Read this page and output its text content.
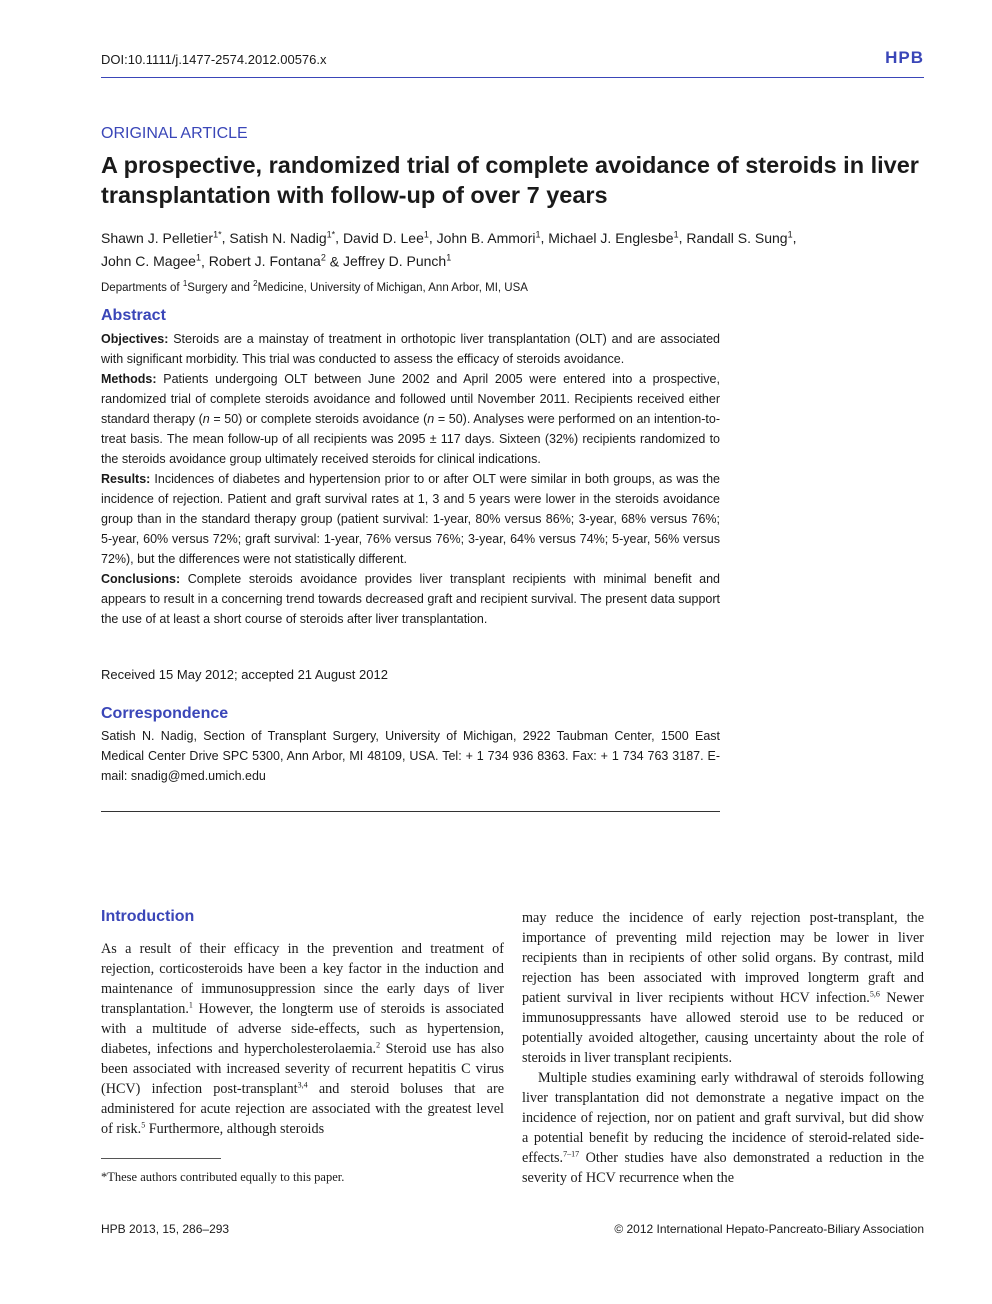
DOI:10.1111/j.1477-2574.2012.00576.x	HPB
ORIGINAL ARTICLE
A prospective, randomized trial of complete avoidance of steroids in liver transplantation with follow-up of over 7 years
Shawn J. Pelletier$^{1*}$, Satish N. Nadig$^{1*}$, David D. Lee$^1$, John B. Ammori$^1$, Michael J. Englesbe$^1$, Randall S. Sung$^1$,
John C. Magee$^1$, Robert J. Fontana$^2$ & Jeffrey D. Punch$^1$
Departments of $^1$Surgery and $^2$Medicine, University of Michigan, Ann Arbor, MI, USA
Abstract

Objectives: Steroids are a mainstay of treatment in orthotopic liver transplantation (OLT) and are associated with significant morbidity. This trial was conducted to assess the efficacy of steroids avoidance.

Methods: Patients undergoing OLT between June 2002 and April 2005 were entered into a prospective, randomized trial of complete steroids avoidance and followed until November 2011. Recipients received either standard therapy (n = 50) or complete steroids avoidance (n = 50). Analyses were performed on an intention-to-treat basis. The mean follow-up of all recipients was 2095 ± 117 days. Sixteen (32%) recipients randomized to the steroids avoidance group ultimately received steroids for clinical indications.

Results: Incidences of diabetes and hypertension prior to or after OLT were similar in both groups, as was the incidence of rejection. Patient and graft survival rates at 1, 3 and 5 years were lower in the steroids avoidance group than in the standard therapy group (patient survival: 1-year, 80% versus 86%; 3-year, 68% versus 76%; 5-year, 60% versus 72%; graft survival: 1-year, 76% versus 76%; 3-year, 64% versus 74%; 5-year, 56% versus 72%), but the differences were not statistically different.

Conclusions: Complete steroids avoidance provides liver transplant recipients with minimal benefit and appears to result in a concerning trend towards decreased graft and recipient survival. The present data support the use of at least a short course of steroids after liver transplantation.

Received 15 May 2012; accepted 21 August 2012
Correspondence
Satish N. Nadig, Section of Transplant Surgery, University of Michigan, 2922 Taubman Center, 1500 East Medical Center Drive SPC 5300, Ann Arbor, MI 48109, USA. Tel: + 1 734 936 8363. Fax: + 1 734 763 3187. E-mail: snadig@med.umich.edu
Introduction

As a result of their efficacy in the prevention and treatment of rejection, corticosteroids have been a key factor in the induction and maintenance of immunosuppression since the early days of liver transplantation.$^1$ However, the longterm use of steroids is associated with a multitude of adverse side-effects, such as hypertension, diabetes, infections and hypercholesterolaemia.$^2$ Steroid use has also been associated with increased severity of recurrent hepatitis C virus (HCV) infection post-transplant$^{3,4}$ and steroid boluses that are administered for acute rejection are associated with the greatest level of risk.$^5$ Furthermore, although steroids

may reduce the incidence of early rejection post-transplant, the importance of preventing mild rejection may be lower in liver recipients than in recipients of other solid organs. By contrast, mild rejection has been associated with improved longterm graft and patient survival in liver recipients without HCV infection.$^{5,6}$ Newer immunosuppressants have allowed steroid use to be reduced or potentially avoided altogether, causing uncertainty about the role of steroids in liver transplant recipients.

Multiple studies examining early withdrawal of steroids following liver transplantation did not demonstrate a negative impact on the incidence of rejection, nor on patient and graft survival, but did show a potential benefit by reducing the incidence of steroid-related side-effects.$^{7-17}$ Other studies have also demonstrated a reduction in the severity of HCV recurrence when the

*These authors contributed equally to this paper.
HPB 2013, 15, 286–293	© 2012 International Hepato-Pancreato-Biliary Association
